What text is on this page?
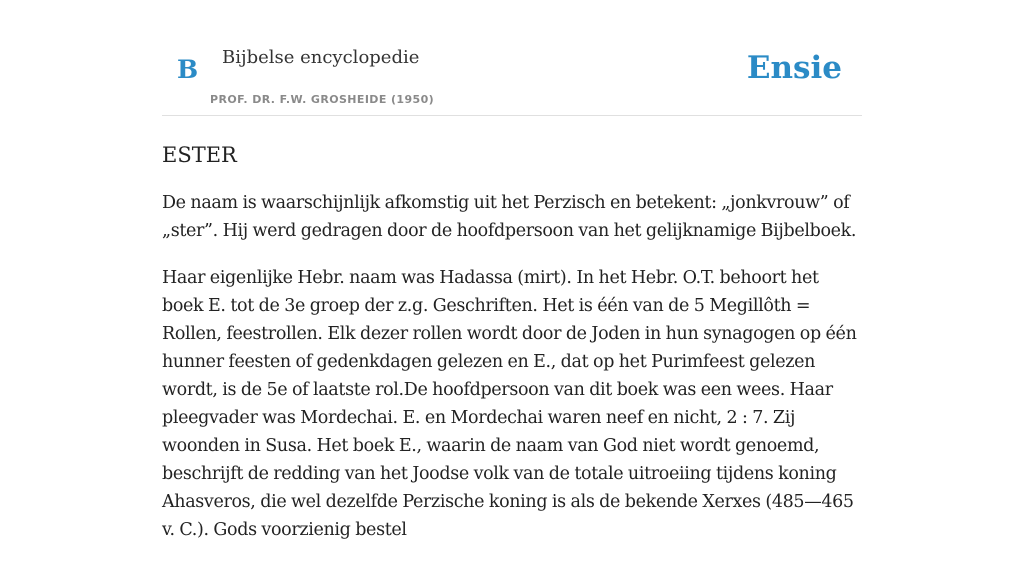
B Bijbelse encyclopedie
PROF. DR. F.W. GROSHEIDE (1950)
Ensie
ESTER

De naam is waarschijnlijk afkomstig uit het Perzisch en betekent: „jonkvrouw” of „ster”. Hij werd gedragen door de hoofdpersoon van het gelijknamige Bijbelboek.

Haar eigenlijke Hebr. naam was Hadassa (mirt). In het Hebr. O.T. behoort het boek E. tot de 3e groep der z.g. Geschriften. Het is één van de 5 Megillôth = Rollen, feestrollen. Elk dezer rollen wordt door de Joden in hun synagogen op één hunner feesten of gedenkdagen gelezen en E., dat op het Purimfeest gelezen wordt, is de 5e of laatste rol.De hoofdpersoon van dit boek was een wees. Haar pleegvader was Mordechai. E. en Mordechai waren neef en nicht, 2 : 7. Zij woonden in Susa. Het boek E., waarin de naam van God niet wordt genoemd, beschrijft de redding van het Joodse volk van de totale uitroeiing tijdens koning Ahasveros, die wel dezelfde Perzische koning is als de bekende Xerxes (485—465 v. C.). Gods voorzienig bestel
